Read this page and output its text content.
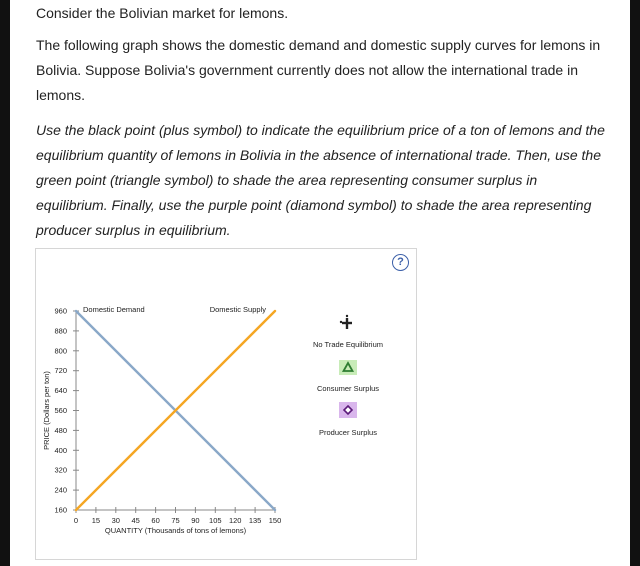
Consider the Bolivian market for lemons.

The following graph shows the domestic demand and domestic supply curves for lemons in Bolivia. Suppose Bolivia's government currently does not allow the international trade in lemons.

Use the black point (plus symbol) to indicate the equilibrium price of a ton of lemons and the equilibrium quantity of lemons in Bolivia in the absence of international trade. Then, use the green point (triangle symbol) to shade the area representing consumer surplus in equilibrium. Finally, use the purple point (diamond symbol) to shade the area representing producer surplus in equilibrium.

?
160
240
320
400
480
560
640
720
800
880
960
0 15 30 45 60 75 90 105 120 135 150
QUANTITY (Thousands of tons of lemons)
PRICE (Dollars per ton)
Domestic Demand	Domestic Supply
No Trade Equilibrium
Consumer Surplus
Producer Surplus
